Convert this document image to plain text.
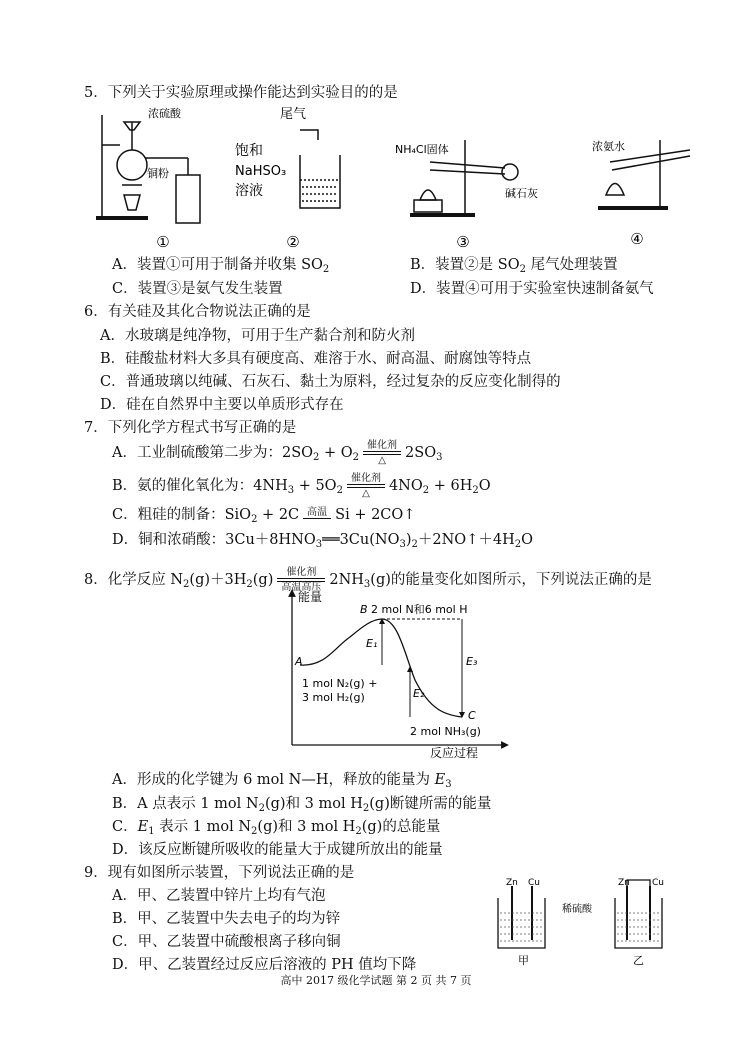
5．下列关于实验原理或操作能达到实验目的的是
浓硫酸
铜粉
①
尾气
饱和
NaHSO₃
溶液
②
NH₄Cl固体
碱石灰
③
浓氨水
④
A．装置①可用于制备并收集 $SO_2$	B．装置②是 $SO_2$ 尾气处理装置
C．装置③是氨气发生装置	D．装置④可用于实验室快速制备氨气
6．有关硅及其化合物说法正确的是
A．水玻璃是纯净物，可用于生产黏合剂和防火剂
B．硅酸盐材料大多具有硬度高、难溶于水、耐高温、耐腐蚀等特点
C．普通玻璃以纯碱、石灰石、黏土为原料，经过复杂的反应变化制得的
D．硅在自然界中主要以单质形式存在
7．下列化学方程式书写正确的是
A．工业制硫酸第二步为：$2SO_2 + O_2$
催化剂
△	$2SO_3$
B．氨的催化氧化为：$4NH_3 + 5O_2$
催化剂
△	$4NO_2 + 6H_2O$
C．粗硅的制备：SiO$_2$ + 2C 高温 Si + 2CO↑
D．铜和浓硝酸：$3Cu+8HNO_3══3Cu(NO_3)_2+2NO↑+4H_2O$
8．化学反应 $N_2(g)+3H_2(g)$	催化剂
高温高压 $2NH_3(g)$的能量变化如图所示，下列说法正确的是
能量
反应过程
A
B 2 mol N和6 mol H
C
E₁
E₂
E₃
1 mol N₂(g) +
3 mol H₂(g)
2 mol NH₃(g)
A．形成的化学键为 6 mol N—H，释放的能量为 $E_3$
B．A 点表示 1 mol $N_2(g)$和 3 mol $H_2(g)$断键所需的能量
C．$E_1$ 表示 1 mol $N_2(g)$和 3 mol $H_2(g)$的总能量
D．该反应断键所吸收的能量大于成键所放出的能量
9．现有如图所示装置，下列说法正确的是
A．甲、乙装置中锌片上均有气泡
B．甲、乙装置中失去电子的均为锌
C．甲、乙装置中硫酸根离子移向铜
D．甲、乙装置经过反应后溶液的 PH 值均下降
Zn Cu	Zn Cu
稀硫酸
甲	乙
高中 2017 级化学试题 第 2 页 共 7 页
